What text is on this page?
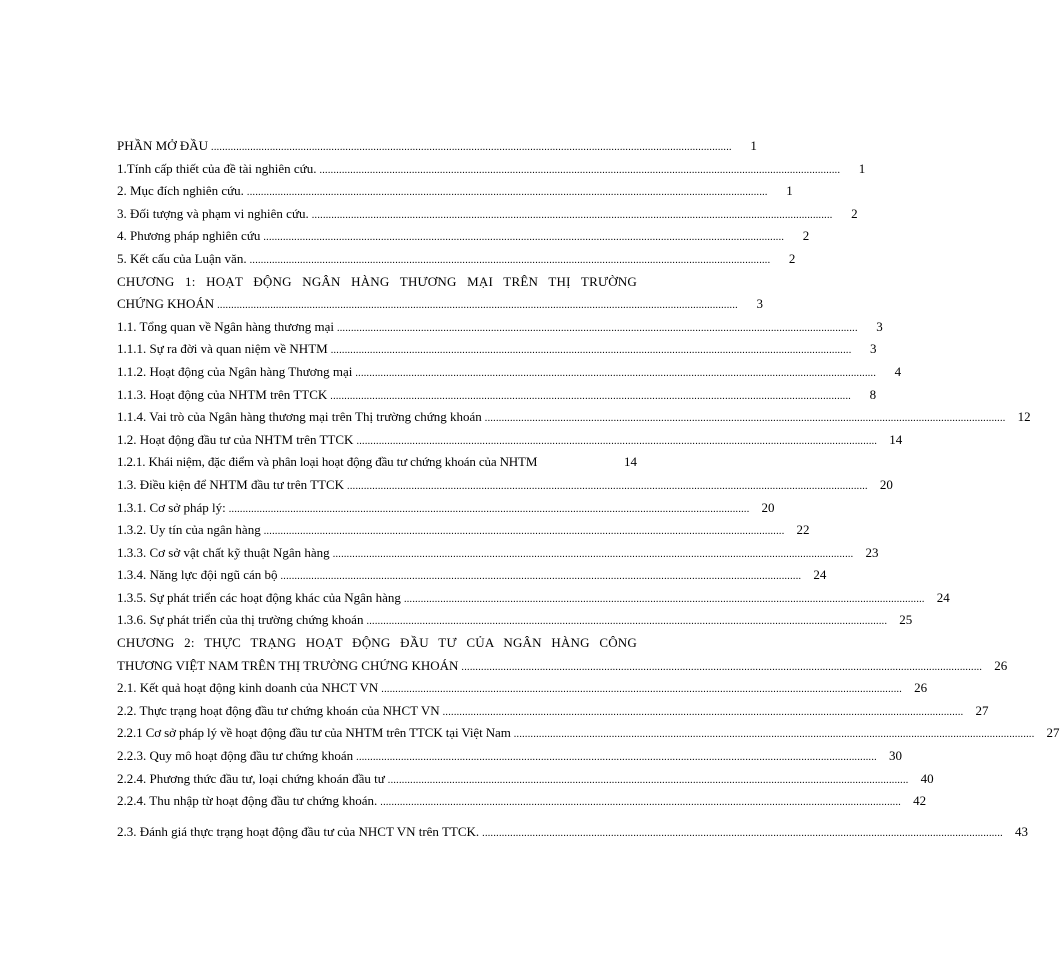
PHẦN MỞ ĐẦU ..........................................................................................................................................................................................	1
1.Tính cấp thiết của đề tài nghiên cứu. ..........................................................................................................................................................................................	1
2. Mục đích nghiên cứu. ..........................................................................................................................................................................................	1
3. Đối tượng và phạm vi nghiên cứu. ..........................................................................................................................................................................................	2
4. Phương pháp nghiên cứu ..........................................................................................................................................................................................	2
5. Kết cấu của Luận văn. ..........................................................................................................................................................................................	2
CHƯƠNG 1: HOẠT ĐỘNG NGÂN HÀNG THƯƠNG MẠI TRÊN THỊ TRƯỜNG
CHỨNG KHOÁN ..........................................................................................................................................................................................	3
1.1. Tổng quan về Ngân hàng thương mại ..........................................................................................................................................................................................	3
1.1.1. Sự ra đời và quan niệm về NHTM ..........................................................................................................................................................................................	3
1.1.2. Hoạt động của Ngân hàng Thương mại ..........................................................................................................................................................................................	4
1.1.3. Hoạt động của NHTM trên TTCK ..........................................................................................................................................................................................	8
1.1.4. Vai trò của Ngân hàng thương mại trên Thị trường chứng khoán .......................................................................................................................................................................................... 12
1.2. Hoạt động đầu tư của NHTM trên TTCK .......................................................................................................................................................................................... 14
1.2.1. Khái niệm, đặc điểm và phân loại hoạt động đầu tư chứng khoán của NHTM	14
1.3. Điều kiện để NHTM đầu tư trên TTCK .......................................................................................................................................................................................... 20
1.3.1. Cơ sở pháp lý: .......................................................................................................................................................................................... 20
1.3.2. Uy tín của ngân hàng .......................................................................................................................................................................................... 22
1.3.3. Cơ sở vật chất kỹ thuật Ngân hàng .......................................................................................................................................................................................... 23
1.3.4. Năng lực đội ngũ cán bộ .......................................................................................................................................................................................... 24
1.3.5. Sự phát triển các hoạt động khác của Ngân hàng .......................................................................................................................................................................................... 24
1.3.6. Sự phát triển của thị trường chứng khoán .......................................................................................................................................................................................... 25
CHƯƠNG 2: THỰC TRẠNG HOẠT ĐỘNG ĐẦU TƯ CỦA NGÂN HÀNG CÔNG
THƯƠNG VIỆT NAM TRÊN THỊ TRƯỜNG CHỨNG KHOÁN .......................................................................................................................................................................................... 26
2.1. Kết quả hoạt động kinh doanh của NHCT VN .......................................................................................................................................................................................... 26
2.2. Thực trạng hoạt động đầu tư chứng khoán của NHCT VN .......................................................................................................................................................................................... 27
2.2.1 Cơ sở pháp lý về hoạt động đầu tư của NHTM trên TTCK tại Việt Nam .......................................................................................................................................................................................... 27
2.2.3. Quy mô hoạt động đầu tư chứng khoán .......................................................................................................................................................................................... 30
2.2.4. Phương thức đầu tư, loại chứng khoán đầu tư .......................................................................................................................................................................................... 40
2.2.4. Thu nhập từ hoạt động đầu tư chứng khoán. .......................................................................................................................................................................................... 42
2.3. Đánh giá thực trạng hoạt động đầu tư của NHCT VN trên TTCK. .......................................................................................................................................................................................... 43
